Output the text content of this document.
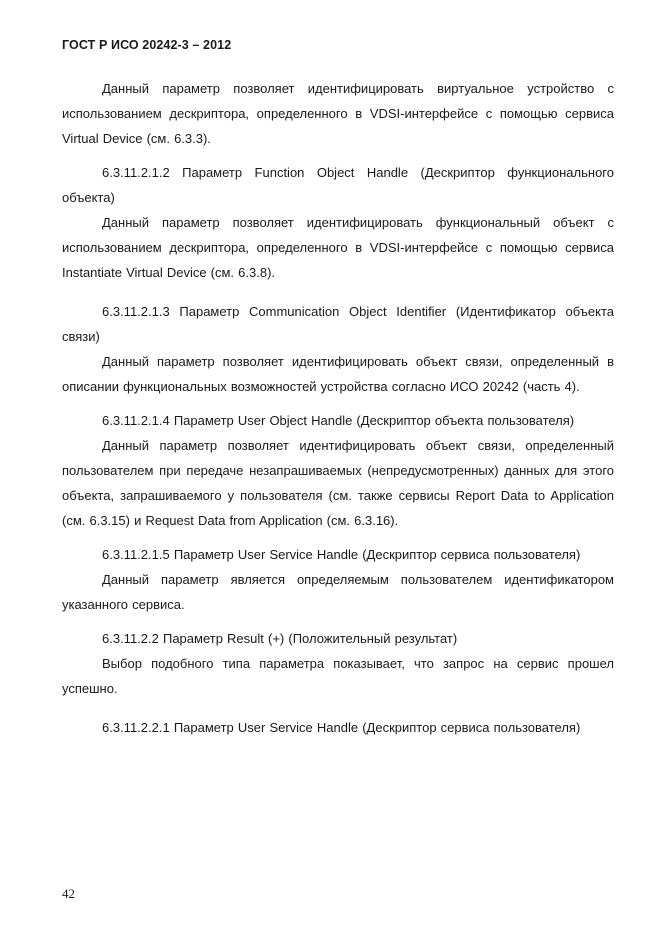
ГОСТ Р ИСО 20242-3 – 2012

Данный параметр позволяет идентифицировать виртуальное устройство с использованием дескриптора, определенного в VDSI-интерфейсе с помощью сервиса Virtual Device (см. 6.3.3).

6.3.11.2.1.2 Параметр Function Object Handle (Дескриптор функционального объекта)

Данный параметр позволяет идентифицировать функциональный объект с использованием дескриптора, определенного в VDSI-интерфейсе с помощью сервиса Instantiate Virtual Device (см. 6.3.8).

6.3.11.2.1.3 Параметр Communication Object Identifier (Идентификатор объекта связи)

Данный параметр позволяет идентифицировать объект связи, определенный в описании функциональных возможностей устройства согласно ИСО 20242 (часть 4).

6.3.11.2.1.4 Параметр User Object Handle (Дескриптор объекта пользователя)

Данный параметр позволяет идентифицировать объект связи, определенный пользователем при передаче незапрашиваемых (непредусмотренных) данных для этого объекта, запрашиваемого у пользователя (см. также сервисы Report Data to Application (см. 6.3.15) и Request Data from Application (см. 6.3.16).

6.3.11.2.1.5 Параметр User Service Handle (Дескриптор сервиса пользователя)

Данный параметр является определяемым пользователем идентификатором указанного сервиса.

6.3.11.2.2 Параметр Result (+) (Положительный результат)

Выбор подобного типа параметра показывает, что запрос на сервис прошел успешно.

6.3.11.2.2.1 Параметр User Service Handle (Дескриптор сервиса пользователя)

42
